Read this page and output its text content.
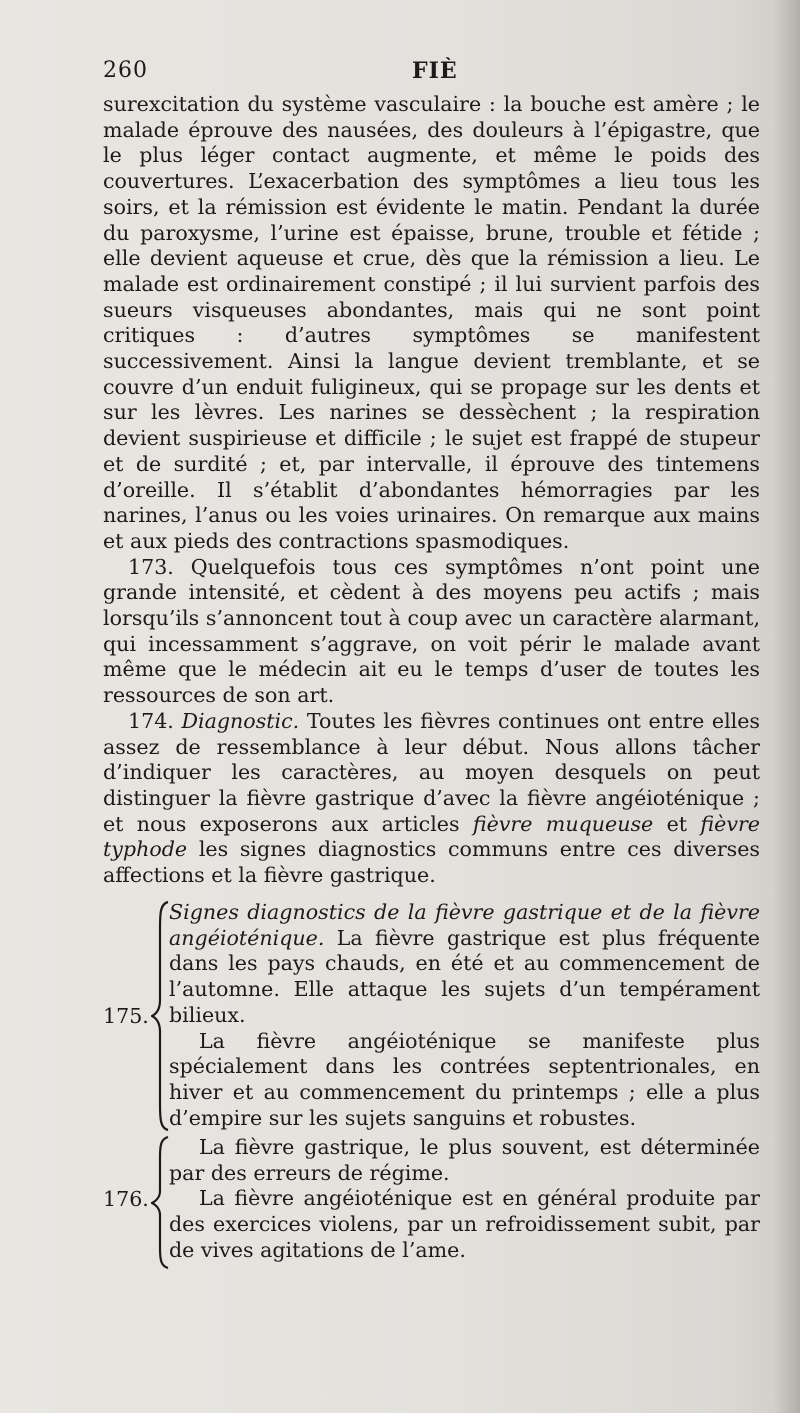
260	FIÈ

surexcitation du système vasculaire : la bouche est amère ; le malade éprouve des nausées, des douleurs à l’épigastre, que le plus léger contact augmente, et même le poids des couvertures. L’exacerbation des symptômes a lieu tous les soirs, et la rémission est évidente le matin. Pendant la durée du paroxysme, l’urine est épaisse, brune, trouble et fétide ; elle devient aqueuse et crue, dès que la rémission a lieu. Le malade est ordinairement constipé ; il lui survient parfois des sueurs visqueuses abondantes, mais qui ne sont point critiques : d’autres symptômes se manifestent successivement. Ainsi la langue devient tremblante, et se couvre d’un enduit fuligineux, qui se propage sur les dents et sur les lèvres. Les narines se dessèchent ; la respiration devient suspirieuse et difficile ; le sujet est frappé de stupeur et de surdité ; et, par intervalle, il éprouve des tintemens d’oreille. Il s’établit d’abondantes hémorragies par les narines, l’anus ou les voies urinaires. On remarque aux mains et aux pieds des contractions spasmodiques.

173. Quelquefois tous ces symptômes n’ont point une grande intensité, et cèdent à des moyens peu actifs ; mais lorsqu’ils s’annoncent tout à coup avec un caractère alarmant, qui incessamment s’aggrave, on voit périr le malade avant même que le médecin ait eu le temps d’user de toutes les ressources de son art.

174. Diagnostic. Toutes les fièvres continues ont entre elles assez de ressemblance à leur début. Nous allons tâcher d’indiquer les caractères, au moyen desquels on peut distinguer la fièvre gastrique d’avec la fièvre angéioténique ; et nous exposerons aux articles fièvre muqueuse et fièvre typhode les signes diagnostics communs entre ces diverses affections et la fièvre gastrique.

175.

Signes diagnostics de la fièvre gastrique et de la fièvre angéioténique. La fièvre gastrique est plus fréquente dans les pays chauds, en été et au commencement de l’automne. Elle attaque les sujets d’un tempérament bilieux.

La fièvre angéioténique se manifeste plus spécialement dans les contrées septentrionales, en hiver et au commencement du printemps ; elle a plus d’empire sur les sujets sanguins et robustes.

176.

La fièvre gastrique, le plus souvent, est déterminée par des erreurs de régime.

La fièvre angéioténique est en général produite par des exercices violens, par un refroidissement subit, par de vives agitations de l’ame.
